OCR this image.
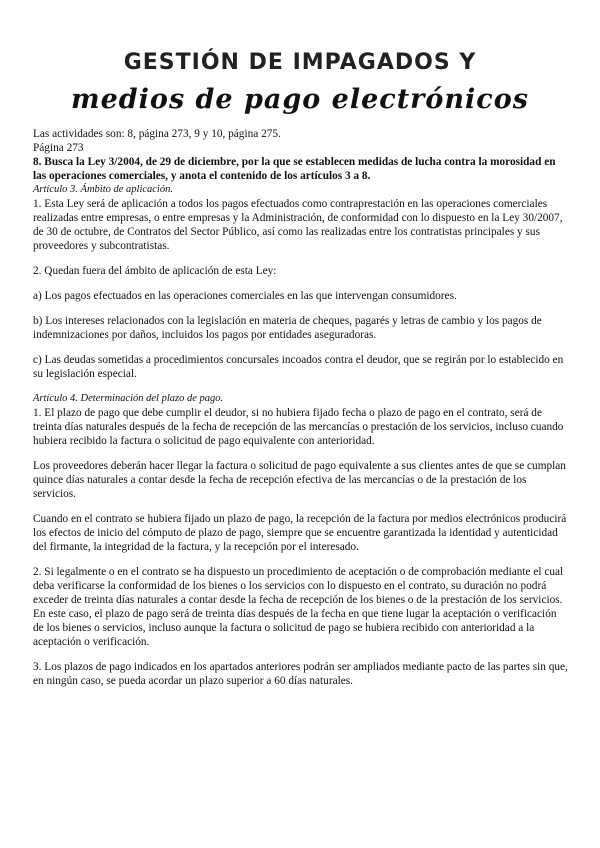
GESTIÓN DE IMPAGADOS Y
medios de pago electrónicos

Las actividades son: 8, página 273, 9 y 10, página 275.

Página 273

8. Busca la Ley 3/2004, de 29 de diciembre, por la que se establecen medidas de lucha contra la morosidad en las operaciones comerciales, y anota el contenido de los artículos 3 a 8.

Artículo 3. Ámbito de aplicación.

1. Esta Ley será de aplicación a todos los pagos efectuados como contraprestación en las operaciones comerciales realizadas entre empresas, o entre empresas y la Administración, de conformidad con lo dispuesto en la Ley 30/2007, de 30 de octubre, de Contratos del Sector Público, así como las realizadas entre los contratistas principales y sus proveedores y subcontratistas.

2. Quedan fuera del ámbito de aplicación de esta Ley:

a) Los pagos efectuados en las operaciones comerciales en las que intervengan consumidores.

b) Los intereses relacionados con la legislación en materia de cheques, pagarés y letras de cambio y los pagos de indemnizaciones por daños, incluidos los pagos por entidades aseguradoras.

c) Las deudas sometidas a procedimientos concursales incoados contra el deudor, que se regirán por lo establecido en su legislación especial.

Artículo 4. Determinación del plazo de pago.

1. El plazo de pago que debe cumplir el deudor, si no hubiera fijado fecha o plazo de pago en el contrato, será de treinta días naturales después de la fecha de recepción de las mercancías o prestación de los servicios, incluso cuando hubiera recibido la factura o solicitud de pago equivalente con anterioridad.

Los proveedores deberán hacer llegar la factura o solicitud de pago equivalente a sus clientes antes de que se cumplan quince días naturales a contar desde la fecha de recepción efectiva de las mercancías o de la prestación de los servicios.

Cuando en el contrato se hubiera fijado un plazo de pago, la recepción de la factura por medios electrónicos producirá los efectos de inicio del cómputo de plazo de pago, siempre que se encuentre garantizada la identidad y autenticidad del firmante, la integridad de la factura, y la recepción por el interesado.

2. Si legalmente o en el contrato se ha dispuesto un procedimiento de aceptación o de comprobación mediante el cual deba verificarse la conformidad de los bienes o los servicios con lo dispuesto en el contrato, su duración no podrá exceder de treinta días naturales a contar desde la fecha de recepción de los bienes o de la prestación de los servicios. En este caso, el plazo de pago será de treinta días después de la fecha en que tiene lugar la aceptación o verificación de los bienes o servicios, incluso aunque la factura o solicitud de pago se hubiera recibido con anterioridad a la aceptación o verificación.

3. Los plazos de pago indicados en los apartados anteriores podrán ser ampliados mediante pacto de las partes sin que, en ningún caso, se pueda acordar un plazo superior a 60 días naturales.
